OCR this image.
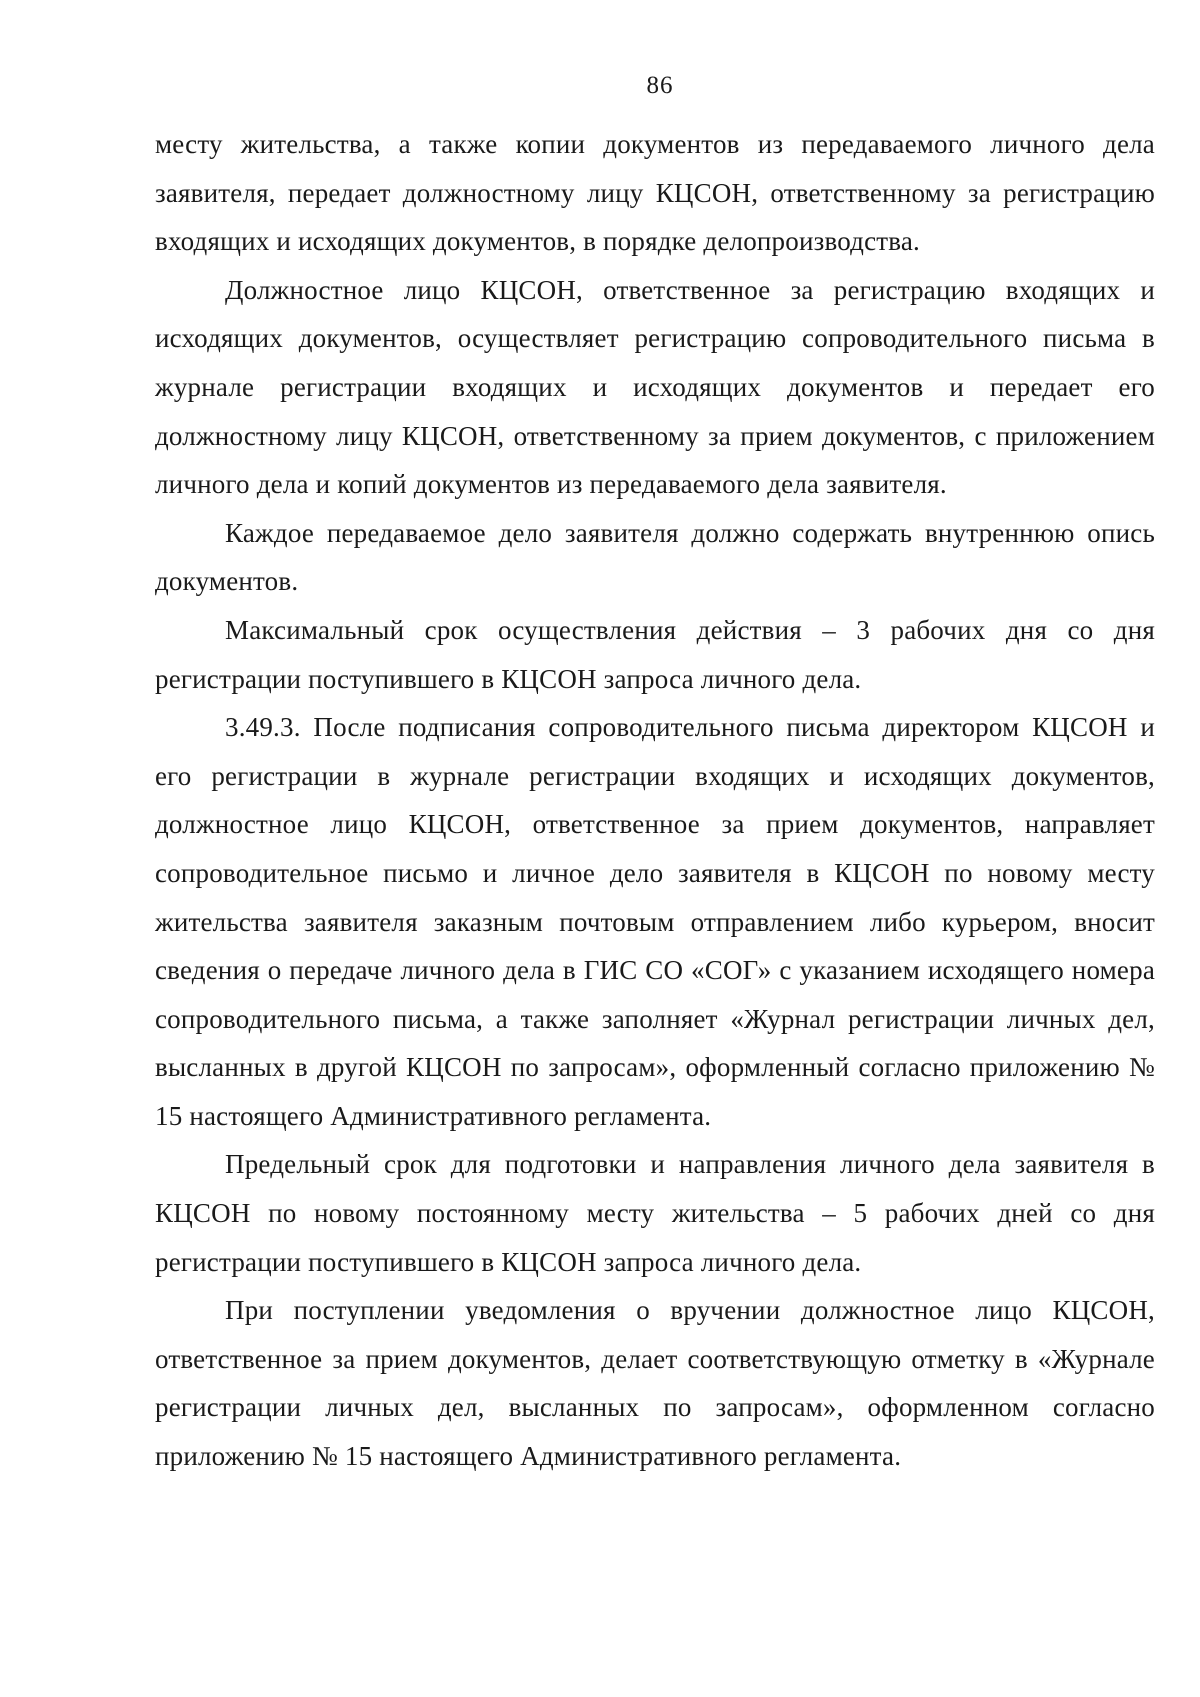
86

месту жительства, а также копии документов из передаваемого личного дела заявителя, передает должностному лицу КЦСОН, ответственному за регистрацию входящих и исходящих документов, в порядке делопроизводства.

Должностное лицо КЦСОН, ответственное за регистрацию входящих и исходящих документов, осуществляет регистрацию сопроводительного письма в журнале регистрации входящих и исходящих документов и передает его должностному лицу КЦСОН, ответственному за прием документов, с приложением личного дела и копий документов из передаваемого дела заявителя.

Каждое передаваемое дело заявителя должно содержать внутреннюю опись документов.

Максимальный срок осуществления действия – 3 рабочих дня со дня регистрации поступившего в КЦСОН запроса личного дела.

3.49.3. После подписания сопроводительного письма директором КЦСОН и его регистрации в журнале регистрации входящих и исходящих документов, должностное лицо КЦСОН, ответственное за прием документов, направляет сопроводительное письмо и личное дело заявителя в КЦСОН по новому месту жительства заявителя заказным почтовым отправлением либо курьером, вносит сведения о передаче личного дела в ГИС СО «СОГ» с указанием исходящего номера сопроводительного письма, а также заполняет «Журнал регистрации личных дел, высланных в другой КЦСОН по запросам», оформленный согласно приложению № 15 настоящего Административного регламента.

Предельный срок для подготовки и направления личного дела заявителя в КЦСОН по новому постоянному месту жительства – 5 рабочих дней со дня регистрации поступившего в КЦСОН запроса личного дела.

При поступлении уведомления о вручении должностное лицо КЦСОН, ответственное за прием документов, делает соответствующую отметку в «Журнале регистрации личных дел, высланных по запросам», оформленном согласно приложению № 15 настоящего Административного регламента.
